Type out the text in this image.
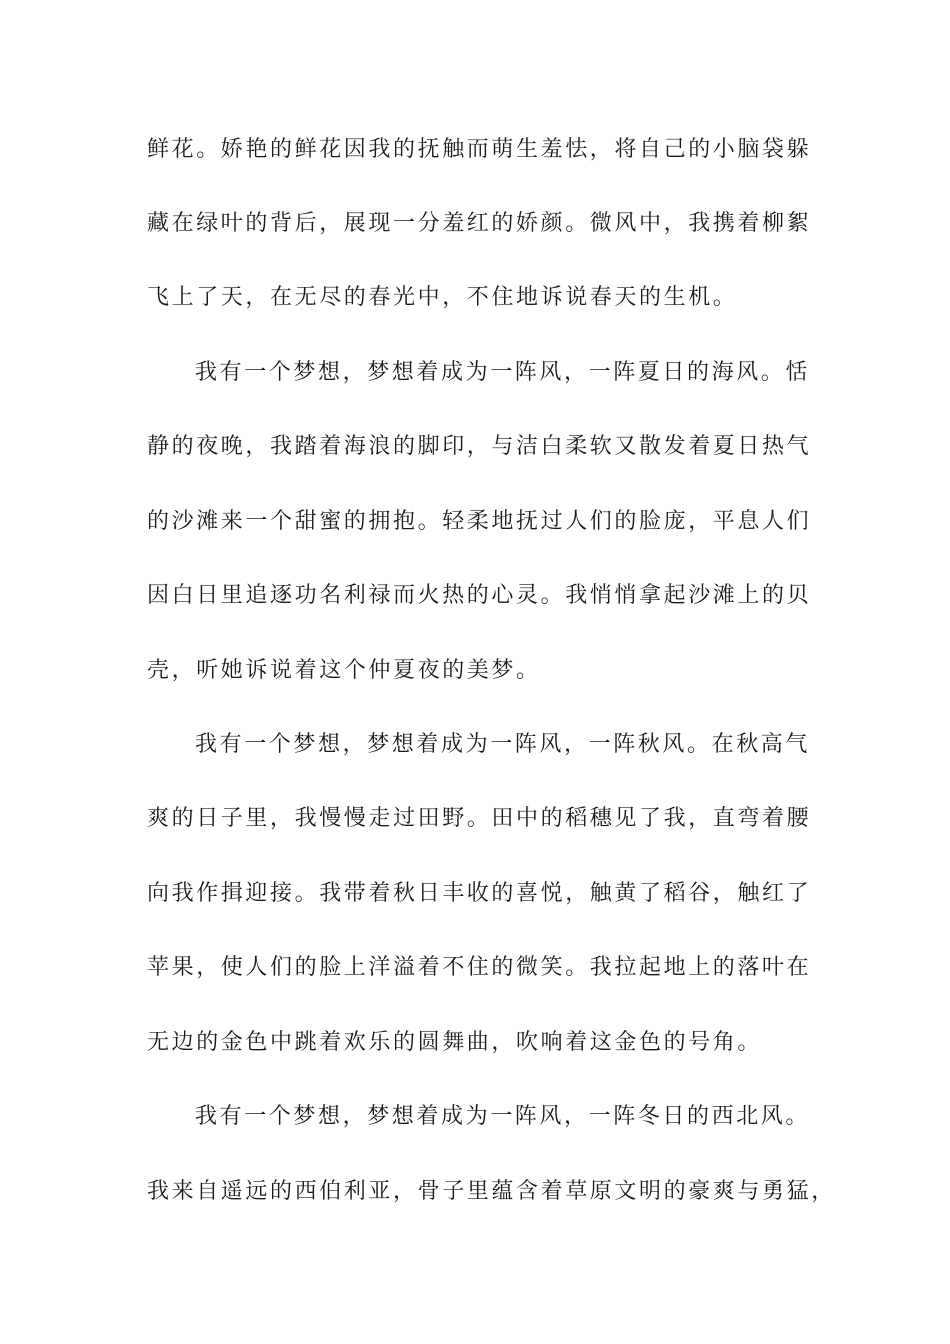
鲜花。娇艳的鲜花因我的抚触而萌生羞怯，将自己的小脑袋躲

藏在绿叶的背后，展现一分羞红的娇颜。微风中，我携着柳絮

飞上了天，在无尽的春光中，不住地诉说春天的生机。

我有一个梦想，梦想着成为一阵风，一阵夏日的海风。恬

静的夜晚，我踏着海浪的脚印，与洁白柔软又散发着夏日热气

的沙滩来一个甜蜜的拥抱。轻柔地抚过人们的脸庞，平息人们

因白日里追逐功名利禄而火热的心灵。我悄悄拿起沙滩上的贝

壳，听她诉说着这个仲夏夜的美梦。

我有一个梦想，梦想着成为一阵风，一阵秋风。在秋高气

爽的日子里，我慢慢走过田野。田中的稻穗见了我，直弯着腰

向我作揖迎接。我带着秋日丰收的喜悦，触黄了稻谷，触红了

苹果，使人们的脸上洋溢着不住的微笑。我拉起地上的落叶在

无边的金色中跳着欢乐的圆舞曲，吹响着这金色的号角。

我有一个梦想，梦想着成为一阵风，一阵冬日的西北风。

我来自遥远的西伯利亚，骨子里蕴含着草原文明的豪爽与勇猛，
